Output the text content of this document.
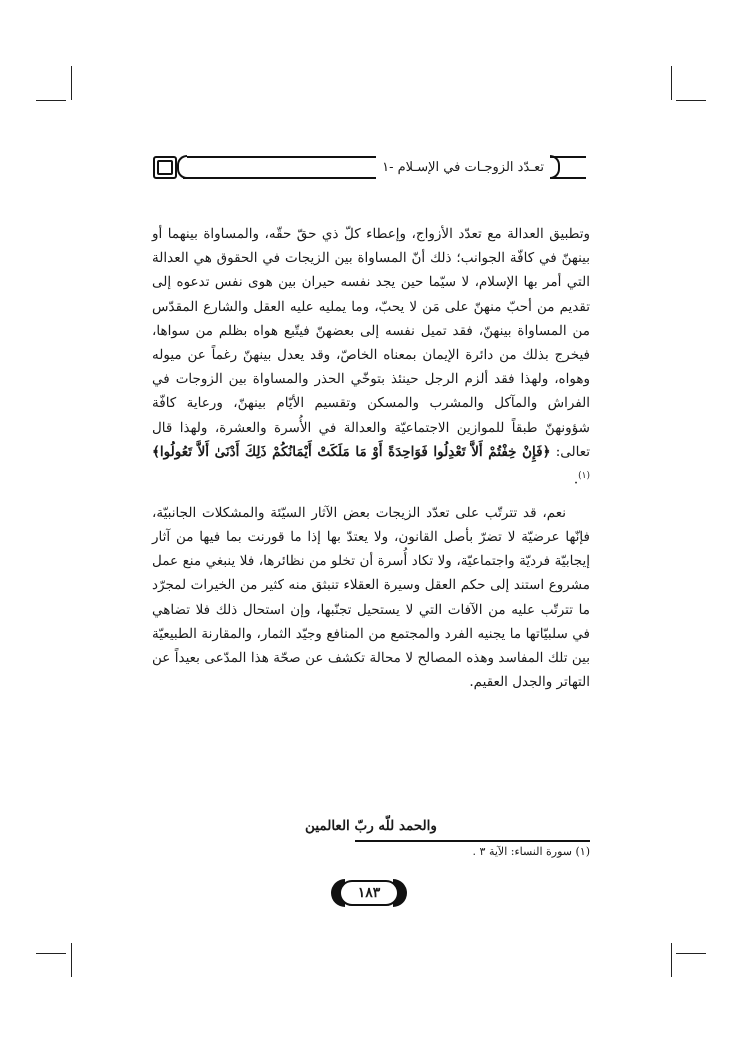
تعـدّد الزوجـات في الإسـلام -١

وتطبيق العدالة مع تعدّد الأزواج، وإعطاء كلّ ذي حقّ حقّه، والمساواة بينهما أو بينهنّ في كافّة الجوانب؛ ذلك أنّ المساواة بين الزيجات في الحقوق هي العدالة التي أمر بها الإسلام، لا سيّما حين يجد نفسه حيران بين هوى نفس تدعوه إلى تقديم من أحبّ منهنّ على مَن لا يحبّ، وما يمليه عليه العقل والشارع المقدّس من المساواة بينهنّ، فقد تميل نفسه إلى بعضهنّ فيتّبع هواه بظلم من سواها، فيخرج بذلك من دائرة الإيمان بمعناه الخاصّ، وقد يعدل بينهنّ رغماً عن ميوله وهواه، ولهذا فقد ألزم الرجل حينئذ بتوخّي الحذر والمساواة بين الزوجات في الفراش والمآكل والمشرب والمسكن وتقسيم الأيّام بينهنّ، ورعاية كافّة شؤونهنّ طبقاً للموازين الاجتماعيّة والعدالة في الأُسرة والعشرة، ولهذا قال تعالى: ﴿فَإِنْ خِفْتُمْ أَلاَّ تَعْدِلُوا فَوَاحِدَةً أَوْ مَا مَلَكَتْ أَيْمَانُكُمْ ذَلِكَ أَدْنَىٰ أَلاَّ تَعُولُوا﴾$^{(١)}$.

نعم، قد تترتّب على تعدّد الزيجات بعض الآثار السيّئة والمشكلات الجانبيّة، فإنّها عرضيّة لا تضرّ بأصل القانون، ولا يعتدّ بها إذا ما قورنت بما فيها من آثار إيجابيّة فرديّة واجتماعيّة، ولا تكاد أُسرة أن تخلو من نظائرها، فلا ينبغي منع عمل مشروع استند إلى حكم العقل وسيرة العقلاء تنبثق منه كثير من الخيرات لمجرّد ما تترتّب عليه من الآفات التي لا يستحيل تجنّبها، وإن استحال ذلك فلا تضاهي في سلبيّاتها ما يجنيه الفرد والمجتمع من المنافع وجيّد الثمار، والمقارنة الطبيعيّة بين تلك المفاسد وهذه المصالح لا محالة تكشف عن صحّة هذا المدّعى بعيداً عن التهاتر والجدل العقيم.

والحمد للّه ربّ العالمين
(١) سورة النساء: الآية ٣ .
١٨٣
